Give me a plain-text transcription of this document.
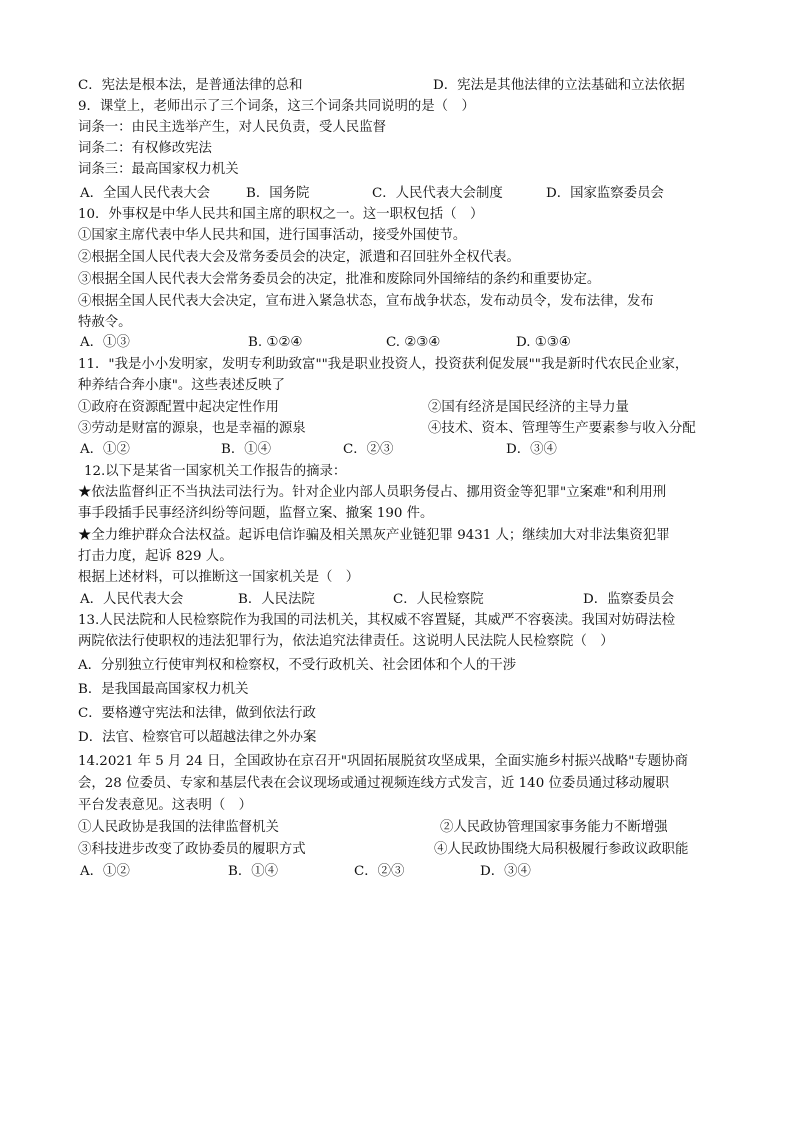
C．宪法是根本法，是普通法律的总和	D．宪法是其他法律的立法基础和立法依据
9．课堂上，老师出示了三个词条，这三个词条共同说明的是（　）
词条一：由民主选举产生，对人民负责，受人民监督
词条二：有权修改宪法
词条三：最高国家权力机关
A．全国人民代表大会	B．国务院	C．人民代表大会制度	D．国家监察委员会
10．外事权是中华人民共和国主席的职权之一。这一职权包括（　）
①国家主席代表中华人民共和国，进行国事活动，接受外国使节。
②根据全国人民代表大会及常务委员会的决定，派遣和召回驻外全权代表。
③根据全国人民代表大会常务委员会的决定，批准和废除同外国缔结的条约和重要协定。
④根据全国人民代表大会决定，宣布进入紧急状态，宣布战争状态，发布动员令，发布法律，发布
特赦令。
A．①③	B. ①②④	C. ②③④	D. ①③④
11．"我是小小发明家，发明专利助致富""我是职业投资人，投资获利促发展""我是新时代农民企业家，
种养结合奔小康"。这些表述反映了
①政府在资源配置中起决定性作用	②国有经济是国民经济的主导力量
③劳动是财富的源泉，也是幸福的源泉	④技术、资本、管理等生产要素参与收入分配
A．①②	B．①④	C．②③	D．③④
12.以下是某省一国家机关工作报告的摘录：
★依法监督纠正不当执法司法行为。针对企业内部人员职务侵占、挪用资金等犯罪"立案难"和利用刑
事手段插手民事经济纠纷等问题，监督立案、撤案 190 件。
★全力维护群众合法权益。起诉电信诈骗及相关黑灰产业链犯罪 9431 人；继续加大对非法集资犯罪
打击力度，起诉 829 人。
根据上述材料，可以推断这一国家机关是（　）
A．人民代表大会	B．人民法院	C．人民检察院	D．监察委员会
13.人民法院和人民检察院作为我国的司法机关，其权威不容置疑，其威严不容亵渎。我国对妨碍法检
两院依法行使职权的违法犯罪行为，依法追究法律责任。这说明人民法院人民检察院（　）
A．分别独立行使审判权和检察权，不受行政机关、社会团体和个人的干涉
B．是我国最高国家权力机关
C．要格遵守宪法和法律，做到依法行政
D．法官、检察官可以超越法律之外办案
14.2021 年 5 月 24 日，全国政协在京召开"巩固拓展脱贫攻坚成果，全面实施乡村振兴战略"专题协商
会，28 位委员、专家和基层代表在会议现场或通过视频连线方式发言，近 140 位委员通过移动履职
平台发表意见。这表明（　）
①人民政协是我国的法律监督机关	②人民政协管理国家事务能力不断增强
③科技进步改变了政协委员的履职方式	④人民政协围绕大局积极履行参政议政职能
A．①②	B．①④	C．②③	D．③④
